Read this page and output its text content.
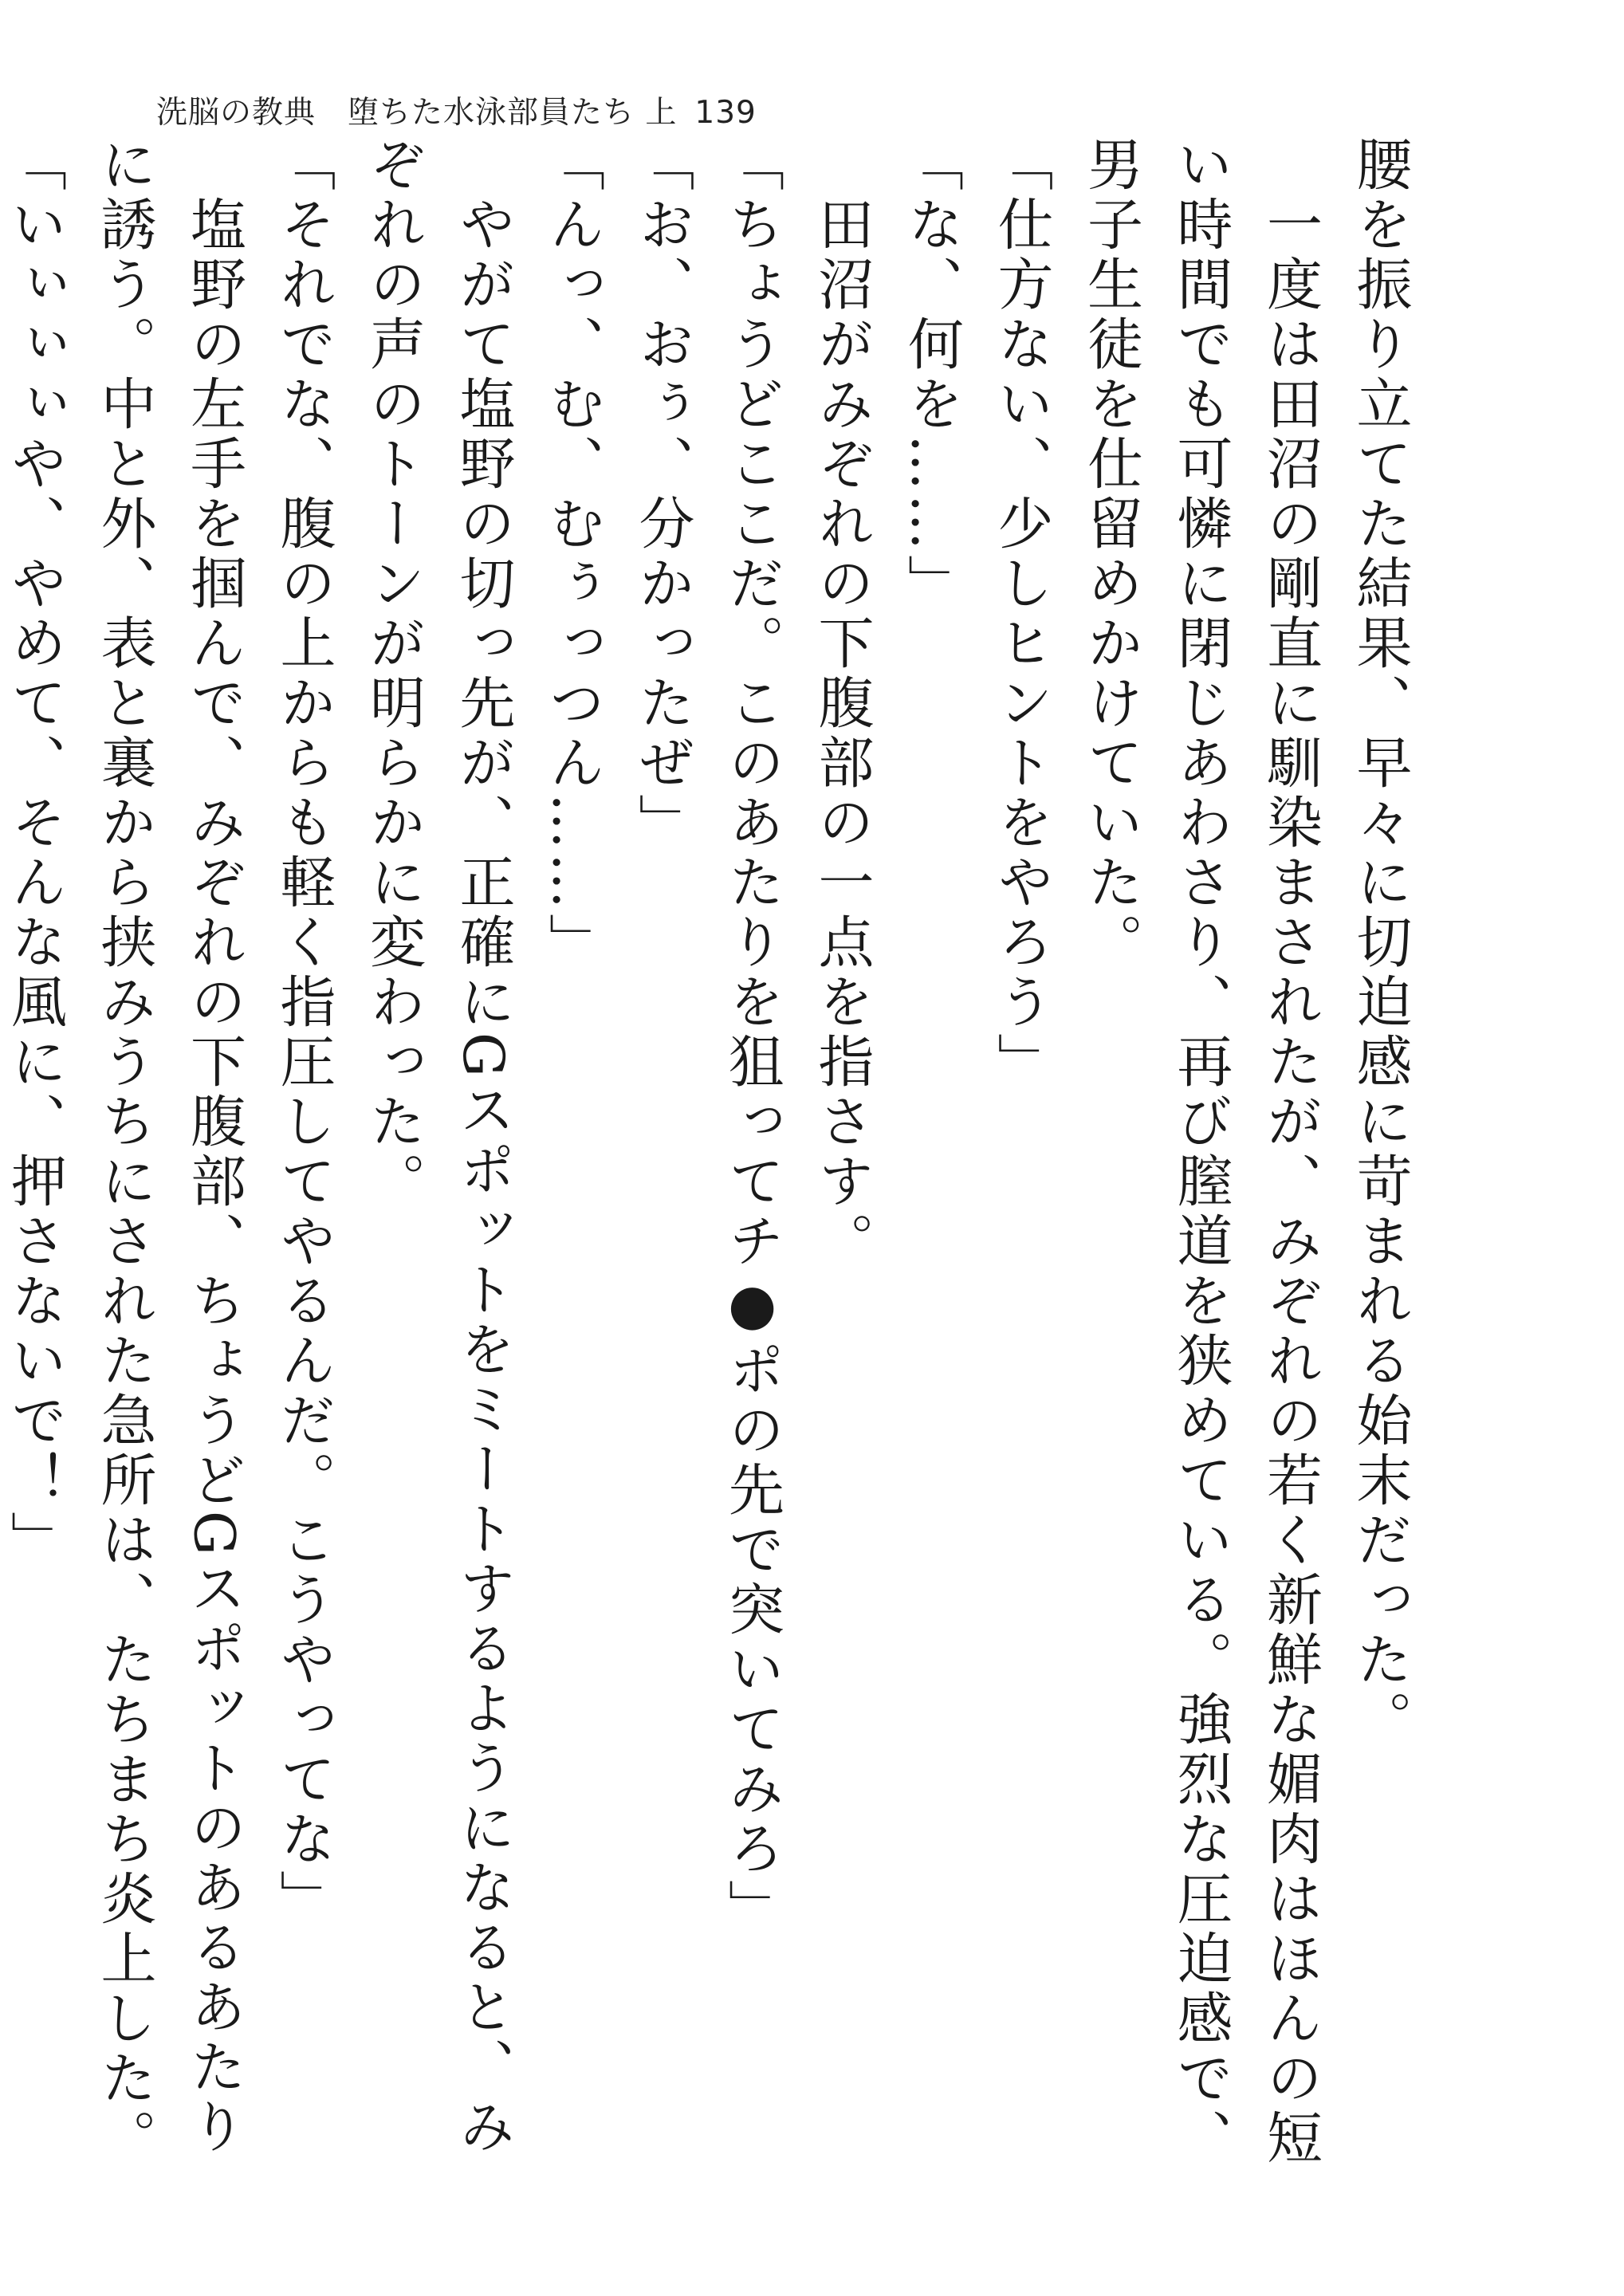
洗脳の教典　堕ちた水泳部員たち 上 139

腰を振り立てた結果、早々に切迫感に苛まれる始末だった。

　一度は田沼の剛直に馴染まされたが、みぞれの若く新鮮な媚肉はほんの短い時間でも可憐に閉じあわさり、再び膣道を狭めている。強烈な圧迫感で、男子生徒を仕留めかけていた。

「仕方ない、少しヒントをやろう」

「な、何を……」

　田沼がみぞれの下腹部の一点を指さす。

「ちょうどここだ。このあたりを狙ってチ●ポの先で突いてみろ」

「お、おぅ、分かったぜ」

「んっ、む、むぅっつん……」

　やがて塩野の切っ先が、正確にGスポットをミートするようになると、みぞれの声のトーンが明らかに変わった。

「それでな、腹の上からも軽く指圧してやるんだ。こうやってな」

　塩野の左手を掴んで、みぞれの下腹部、ちょうどGスポットのあるあたりに誘う。中と外、表と裏から挟みうちにされた急所は、たちまち炎上した。

「いぃぃぃや、やめて、そんな風に、押さないで！」
